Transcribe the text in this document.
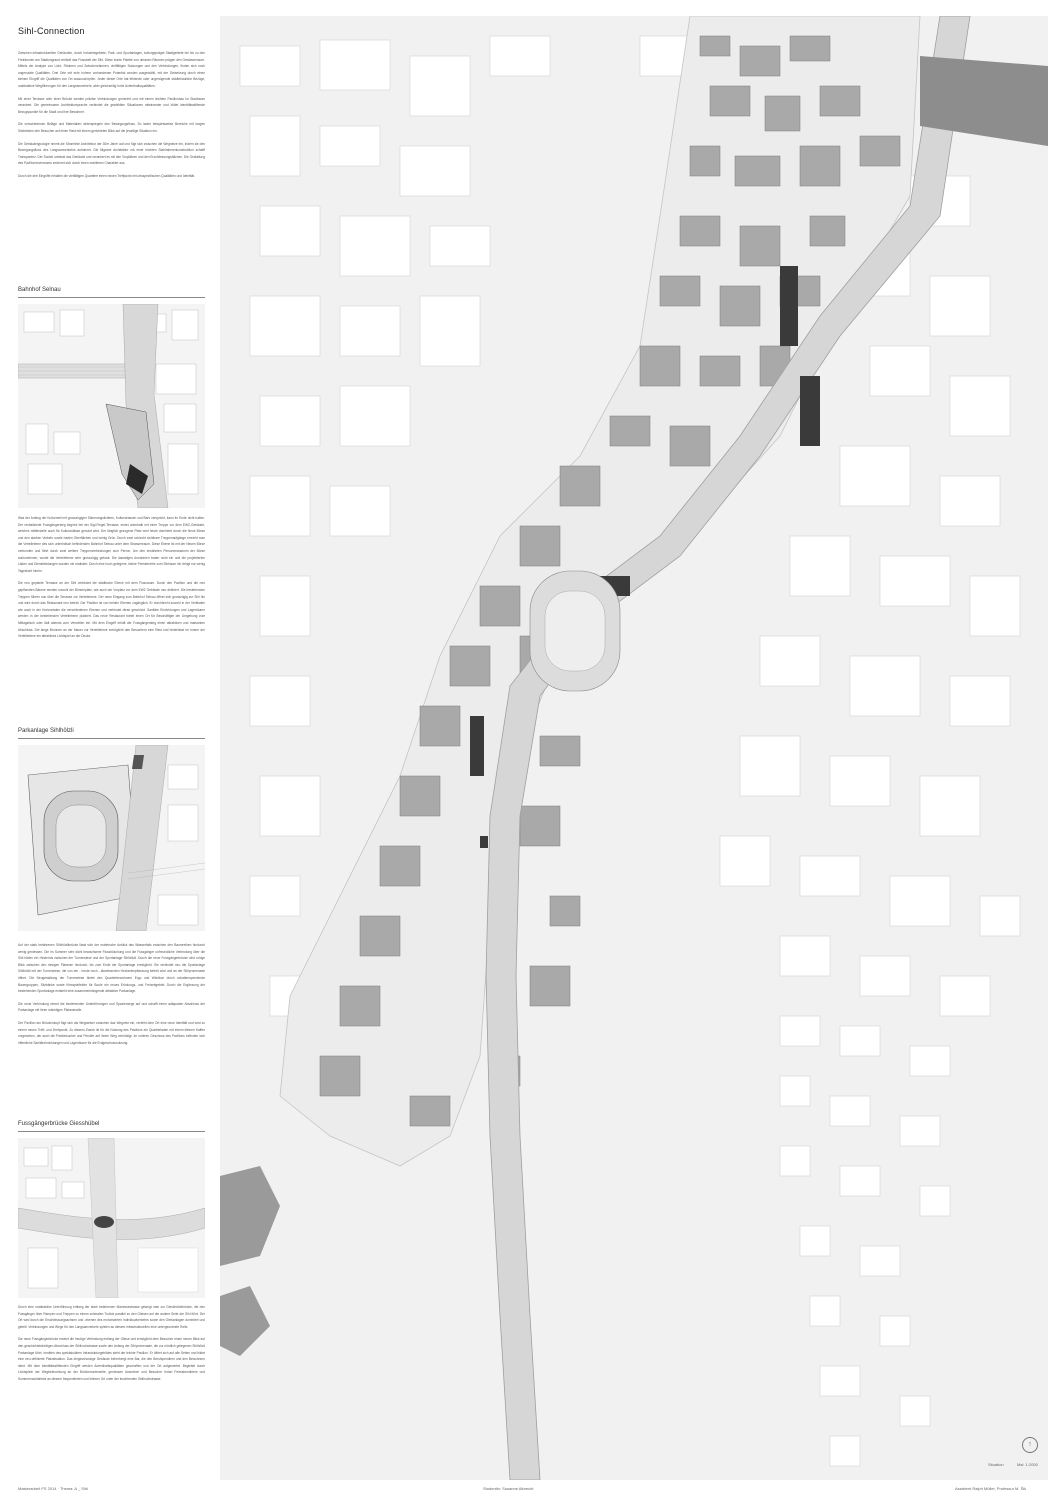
Sihl-Connection

Zwischen infrastrukturellen Gebäuden, durch Industriegebiete, Park- und Sportanlagen, kulturgeprägte Stadtgebiete bis hin zu den Freiräumen am Stadtungrand verläuft das Flussbett der Sihl. Diese bunte Palette von urbanen Räumen prägen den Gewässerraum. Mittels der Analyse von Licht, Räumen und Zwischenräumen, vielfältigen Nutzungen und den Verbindungen, finden sich noch ungenutzte Qualitäten. Drei Orte mit sehr hohem vorhandenen Potential wurden ausgewählt, mit der Zielsetzung durch einen kleinen Eingriff die Qualitäten von Ort auszuschöpfen. Jeder dieser Orte hat fehlende oder ungenügende städtebauliche Bezüge, unattraktive Wegführungen für den Langsamverkehr, aber gleichzeitig hohe Aufenthaltsqualitäten.

Mit einer Terrasse oder einer Brücke werden präzise Verbindungen generiert und mit einem leichten Pavillonbau im Stadtraum verankert. Die gemeinsame Architektursprache verbindet die gewählten Situationen miteinander und bildet identitätsstiftende Bezugspunkte für die Stadt und ihre Bewohner.

Die verschiedenen Beläge und Materialien widerspiegeln den Bewegungsfluss. So laden beispielsweise Bereiche mit langen Sitzbänken den Besucher auf einen Rast mit einem gerichteten Blick auf die jeweilige Situation ein.

Die Gebäudetypologie nimmt die Stromlinie Architektur der 30er Jahre auf und fügt sich zwischen die Wegnetze ein, indem sie den Bewegungsfluss des Langsamverkehrs aufnimmt. Die filigrane Architektur mit einer leichten Stahlrahmenkonstruktion schafft Transparenz. Der Sockel umfasst das Gebäude und verankert es mit den Vorplätzen und den Erschliessungsflächen. Die Gestaltung des Pavilloninnenraums zeichnet sich durch einen maritimen Charakter aus.

Durch die drei Eingriffe erhalten die vielfältigen Quartiere einen neuen Treffpunkt mit ortsspezifischen Qualitäten und Identität.

Bahnhof Selnau

Was der Anfang der Kulturmeil mit grosszügigen Stimmungslichtern, Kulturstrassen und Bars verspricht, kann ihr Ende nicht halten. Der revitalisierte Fussgängersteg beginnt bei der Sigi-Feigel-Terrasse, endet unterhalb mit einer Treppe vor dem EWZ-Gebäude, welches mittlerweile auch für Kulturanlässe genutzt wird. Der länglich gezogene Platz wird heute dominiert durch die Neue Börse und den starken Verkehr sowie harten Oberflächen und wenig Grün. Durch zwei schlecht sichtbare Treppenaufgänge erreicht man die Verteilebene des sich unterirdisch befindenden Bahnhof Selnau unter dem Strassenraum. Diese Ebene ist mit der Neuen Börse verbunden und führt durch zwei weitere Treppenverbindungen zum Perron. Um den erwähnten Personenansturm der Börse aufzunehmen, wurde die Verteilebene sehr grosszügig gebaut. Die damaligen Annahmen traten nicht ein und die projektierten Läden und Dienstleistungen wurden nie realisiert. Durch eine hoch gelegene, kleine Fensterreihe zum Sihlraum hin dringt nur wenig Tageslicht hinein.

Die neu geplante Terrasse an der Sihl verbindet die städtische Ebene mit dem Flussraum. Durch den Pavillon und die neu gepflanzten Bäume werden sowohl der Börsenplatz, wie auch der Vorplatz vor dem EWZ Gebäude neu definiert. Die bestehenden Treppen führen nun über die Terrasse zur Verteilebene. Der neue Eingang zum Bahnhof Selnau öffnet sich grosszügig zur Sihl hin und wird durch das Restaurant neu belebt. Der Pavillon ist von beiden Ebenen zugänglich. Er durchbricht sowohl in der Vertikalen wie auch in der Horizontalen die verschiedenen Ebenen und verbindet diese geschickt. Sanitäre Einrichtungen und Lagerräume werden in der bestehenden Verteilebene platziert. Das neue Restaurant bietet einen Ort für Beschäftigte der Umgebung zum Mittagstisch oder lädt abends zum Verweilen ein. Mit dem Eingriff erhält der Fussgängersteg einen attraktiven und markanten Abschluss. Die lange Brunnen an der Mauer zur Verteilebene ermöglicht den Besuchern eine Rast und hinterlässt im Innern der Verteilebene ein attraktives Lichtspiel an der Decke.

Parkanlage Sihlhölzli

Auf der stark befahrenen Sihlhölzlibrücke lässt sich der malerische Anblick des Wasserfalls zwischen den Baumreihen hindurch wenig geniessen. Die im Sommer sehr dicht bewachsene Flussböschung und die Fussgänger unfreundliche Verbindung über die Sihl bilden ein Hindernis zwischen der Turnerwiese und der Sportanlage Sihlhölzli. Durch die neue Fussgängerbrücke wird ruhige Blick zwischen den riesigen Platanen hindurch, bis zum Ende der Sportanlage ermöglicht. Sie verbindet neu die Sportanlage Sihlhölzli mit der Turnerwiese, die von der - heute noch - abweisenden Heckenbepflanzung befreit wird und an der Sihlpromenade öffnet. Die Neugestaltung der Turnerwiese bietet den Quartierbewohnern Ergo und Weidkon durch schattenspendende Baumgruppen, Sitzbänke sowie Kiesspielfelder für Boule ein neues Erholungs- und Freizeitgebiet. Durch die Ergänzung der bestehenden Sportanlage entsteht eine zusammenhängende attraktive Parkanlage.

Die neue Verbindung nimmt die bestehenden Unterführungen und Spazierwege auf und schafft einen adäquaten Abschluss der Parkanlage mit ihren mächtigen Platanenalle.

Der Pavillon am Brückenkopf fügt sich als Wegweiser zwischen das Wegnetz ein, verleiht dem Ort eine neue Identität und wird zu einem neuen Treff- und Drehpunkt. Zu diesem Zweck ist für die Nutzung des Pavillons ein Quartierladen mit einem kleinen Kaffee vorgesehen, der auch die Parkbesucher und Pendler auf ihrem Weg verköstigt. Im unteren Geschoss des Pavillons befinden sich öffentliche Sanitäreinrichtungen und Lagerräume für die Erdgeschossnutzung.

Fussgängerbrücke Giesshübel

Durch eine unattraktive Unterführung entlang der stark befahrenen Manessestrasse gelangt man zur Giesshübelbrücke, die den Fussgänger über Rampen und Treppen zu einem schmalen Trottoir parallel zu den Gleisen auf die andere Seite der Sihl führt. Der Ort wird durch die Erschliessungsachsen und -ebenen des motorisierten Individualverkehrs sowie den Gleisanlagen dominiert und geteilt. Verbindungen und Wege für den Langsamverkehr spielen an diesem infrastrukturellen eine untergeordnete Rolle.

Die neue Fussgängerbrücke ersetzt die heutige Verbindung entlang der Gleise und ermöglicht dem Besucher einen neuen Blick auf den geschichtsträchtigen Abschluss der Sihlhochstrasse sowie den Anfang der Sihlpromenade, die zur nördlich gelegenen Sihlhölzli Parkanlage führt. Inmitten des spektakulären Infrastrukturgebildes steht der leichte Pavillon. Er öffnet sich auf alle Seiten und bildet eine neu definierte Platzsituation. Das eingeschossige Gebäude beherbergt eine Bar, die den Berufspendlern und den Bewohnern dient. Mit dem identitätsstiftenden Eingriff werden Aufenthaltsqualitäten geschaffen und der Ort aufgewertet. Begleitet durch Lichtspiele der Wegbeleuchtung an der Brückenunterseite, geniessen Anwohner und Besucher fortan Feierabendbiere und Sommernachtsfeste an diesem frequentierten und intimen Ort unter der leuchtenden Sihlhochstrasse.

↑
Situation	Mst. 1:2000
Masterarbeit FS 2014 · Thema: A _ Sihl	Studentin: Susanne Albrecht	Assistent Ralph Müller, Professur M. Šik
